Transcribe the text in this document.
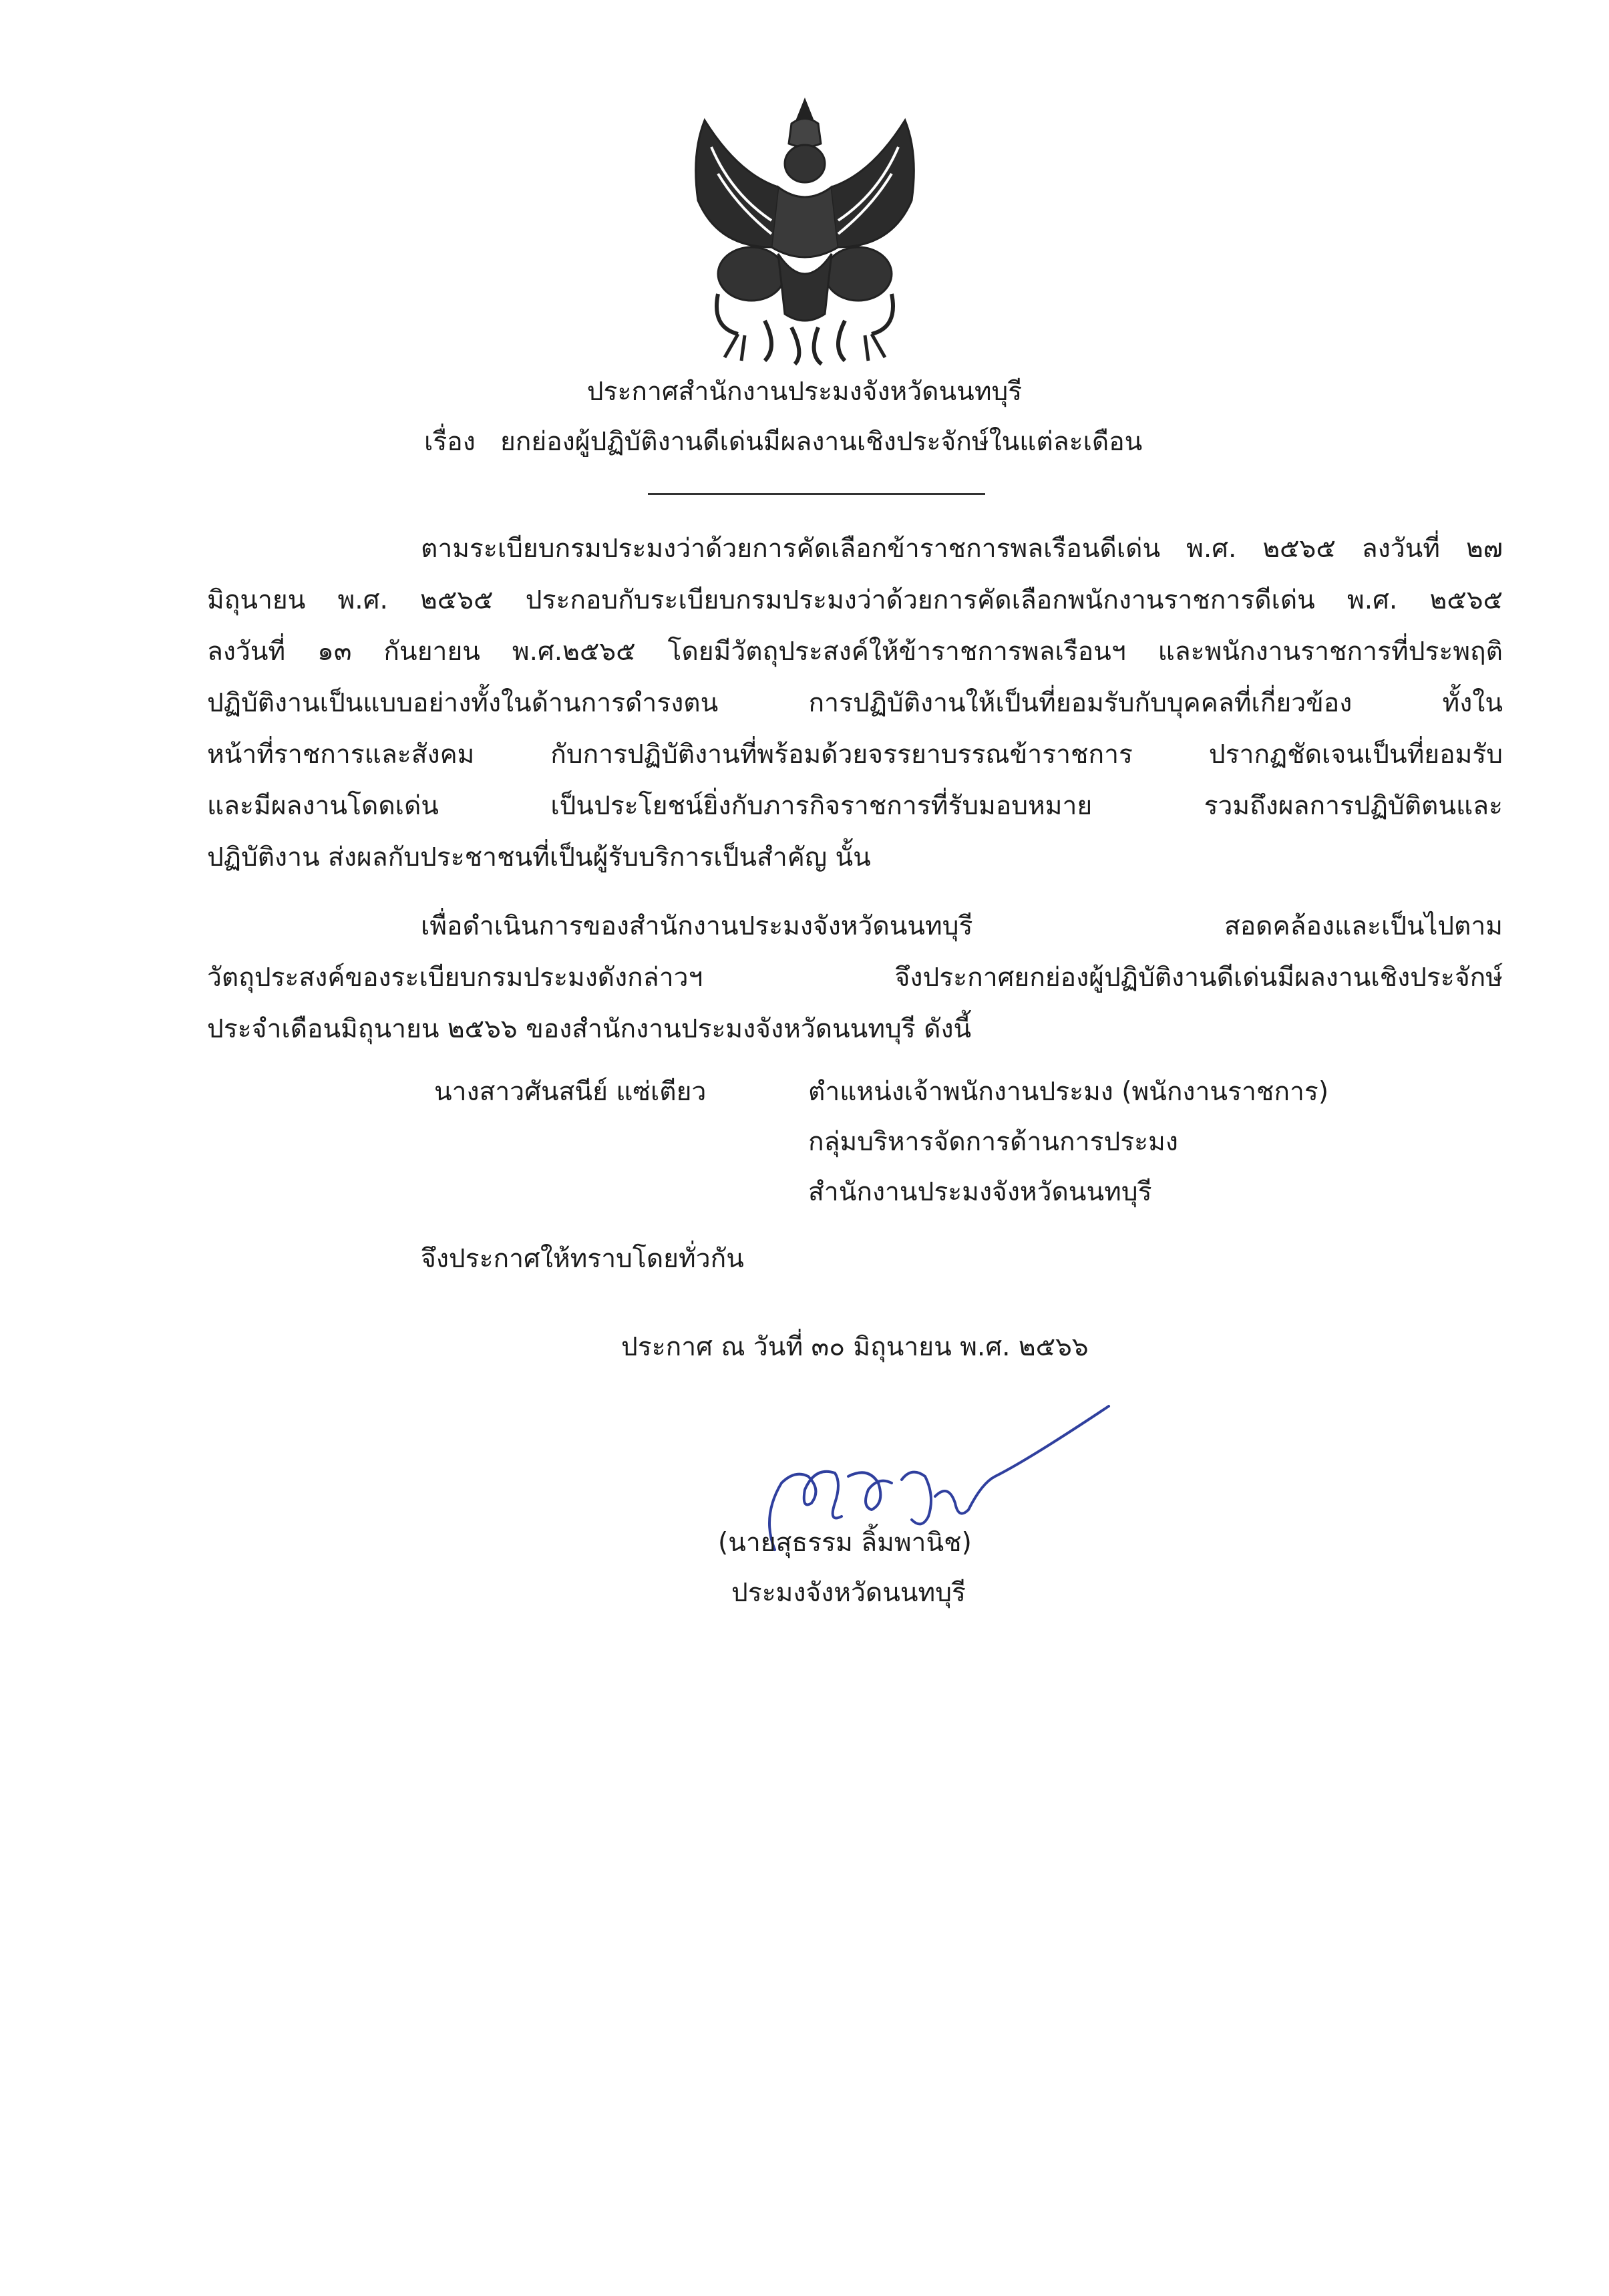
ประกาศสำนักงานประมงจังหวัดนนทบุรี
เรื่อง ยกย่องผู้ปฏิบัติงานดีเด่นมีผลงานเชิงประจักษ์ในแต่ละเดือน
ตามระเบียบกรมประมงว่าด้วยการคัดเลือกข้าราชการพลเรือนดีเด่น พ.ศ. ๒๕๖๕ ลงวันที่ ๒๗
มิถุนายน พ.ศ. ๒๕๖๕ ประกอบกับระเบียบกรมประมงว่าด้วยการคัดเลือกพนักงานราชการดีเด่น พ.ศ. ๒๕๖๕
ลงวันที่ ๑๓ กันยายน พ.ศ.๒๕๖๕ โดยมีวัตถุประสงค์ให้ข้าราชการพลเรือนฯ และพนักงานราชการที่ประพฤติ
ปฏิบัติงานเป็นแบบอย่างทั้งในด้านการดำรงตน การปฏิบัติงานให้เป็นที่ยอมรับกับบุคคลที่เกี่ยวข้อง ทั้งใน
หน้าที่ราชการและสังคม กับการปฏิบัติงานที่พร้อมด้วยจรรยาบรรณข้าราชการ ปรากฏชัดเจนเป็นที่ยอมรับ
และมีผลงานโดดเด่น เป็นประโยชน์ยิ่งกับภารกิจราชการที่รับมอบหมาย รวมถึงผลการปฏิบัติตนและ
ปฏิบัติงาน ส่งผลกับประชาชนที่เป็นผู้รับบริการเป็นสำคัญ นั้น
เพื่อดำเนินการของสำนักงานประมงจังหวัดนนทบุรี สอดคล้องและเป็นไปตาม
วัตถุประสงค์ของระเบียบกรมประมงดังกล่าวฯ จึงประกาศยกย่องผู้ปฏิบัติงานดีเด่นมีผลงานเชิงประจักษ์
ประจำเดือนมิถุนายน ๒๕๖๖ ของสำนักงานประมงจังหวัดนนทบุรี ดังนี้
นางสาวศันสนีย์ แซ่เตียว	ตำแหน่งเจ้าพนักงานประมง (พนักงานราชการ)
กลุ่มบริหารจัดการด้านการประมง
สำนักงานประมงจังหวัดนนทบุรี
จึงประกาศให้ทราบโดยทั่วกัน
ประกาศ ณ วันที่ ๓๐ มิถุนายน พ.ศ. ๒๕๖๖
(นายสุธรรม ลิ้มพานิช)
ประมงจังหวัดนนทบุรี
